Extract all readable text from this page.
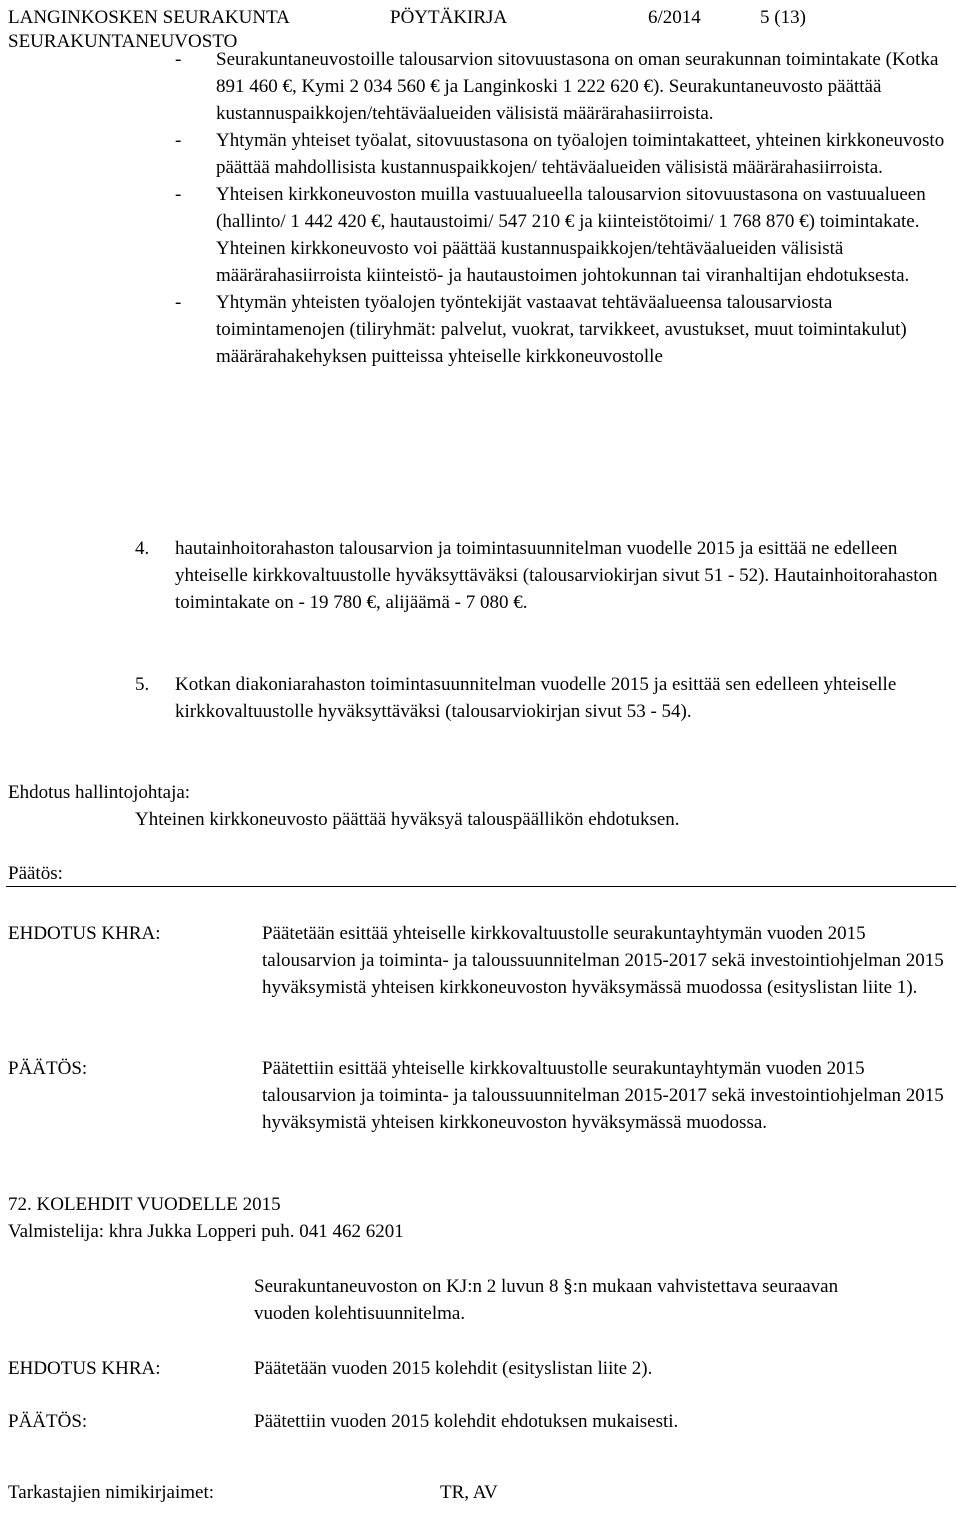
LANGINKOSKEN SEURAKUNTA
SEURAKUNTANEUVOSTO
PÖYTÄKIRJA	6/2014	5 (13)
-	Seurakuntaneuvostoille talousarvion sitovuustasona on oman seurakunnan toimintakate (Kotka 891 460 €, Kymi 2 034 560 € ja Langinkoski 1 222 620 €). Seurakuntaneuvosto päättää kustannuspaikkojen/tehtäväalueiden välisistä määrärahasiirroista.
-	Yhtymän yhteiset työalat, sitovuustasona on työalojen toimintakatteet, yhteinen kirkkoneuvosto päättää mahdollisista kustannuspaikkojen/ tehtäväalueiden välisistä määrärahasiirroista.
-	Yhteisen kirkkoneuvoston muilla vastuualueella talousarvion sitovuustasona on vastuualueen (hallinto/ 1 442 420 €, hautaustoimi/ 547 210 € ja kiinteistötoimi/ 1 768 870 €) toimintakate. Yhteinen kirkkoneuvosto voi päättää kustannuspaikkojen/tehtäväalueiden välisistä määrärahasiirroista kiinteistö- ja hautaustoimen johtokunnan tai viranhaltijan ehdotuksesta.
-	Yhtymän yhteisten työalojen työntekijät vastaavat tehtäväalueensa talousarviosta toimintamenojen (tiliryhmät: palvelut, vuokrat, tarvikkeet, avustukset, muut toimintakulut) määrärahakehyksen puitteissa yhteiselle kirkkoneuvostolle
4.	hautainhoitorahaston talousarvion ja toimintasuunnitelman vuodelle 2015 ja esittää ne edelleen yhteiselle kirkkovaltuustolle hyväksyttäväksi (talousarviokirjan sivut 51 - 52). Hautainhoitorahaston toimintakate on - 19 780 €, alijäämä - 7 080 €.
5.	Kotkan diakoniarahaston toimintasuunnitelman vuodelle 2015 ja esittää sen edelleen yhteiselle kirkkovaltuustolle hyväksyttäväksi (talousarviokirjan sivut 53 - 54).
Ehdotus hallintojohtaja:
Yhteinen kirkkoneuvosto päättää hyväksyä talouspäällikön ehdotuksen.
Päätös:
EHDOTUS KHRA:	Päätetään esittää yhteiselle kirkkovaltuustolle seurakuntayhtymän vuoden 2015 talousarvion ja toiminta- ja taloussuunnitelman 2015-2017 sekä investointiohjelman 2015 hyväksymistä yhteisen kirkkoneuvoston hyväksymässä muodossa (esityslistan liite 1).
PÄÄTÖS:	Päätettiin esittää yhteiselle kirkkovaltuustolle seurakuntayhtymän vuoden 2015 talousarvion ja toiminta- ja taloussuunnitelman 2015-2017 sekä investointiohjelman 2015 hyväksymistä yhteisen kirkkoneuvoston hyväksymässä muodossa.
72. KOLEHDIT VUODELLE 2015
Valmistelija: khra Jukka Lopperi puh. 041 462 6201
Seurakuntaneuvoston on KJ:n 2 luvun 8 §:n mukaan vahvistettava seuraavan vuoden kolehtisuunnitelma.
EHDOTUS KHRA:	Päätetään vuoden 2015 kolehdit (esityslistan liite 2).
PÄÄTÖS:	Päätettiin vuoden 2015 kolehdit ehdotuksen mukaisesti.
Tarkastajien nimikirjaimet:	TR, AV
